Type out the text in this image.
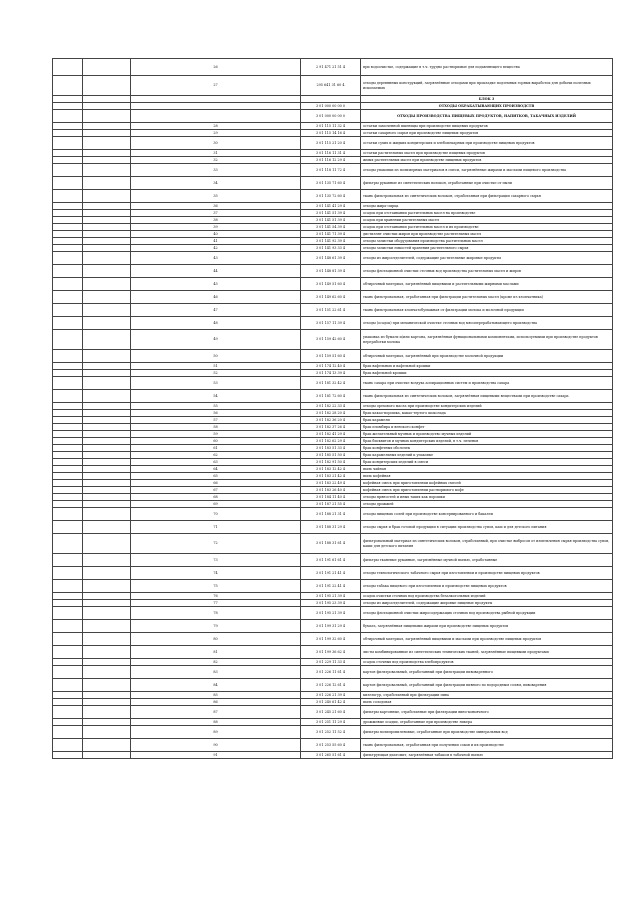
		26	2 91 471 21 51 4	при водоочистке, содержащие в т.ч. трудно растворимые для подавляющего вещества
		27	295 641 31 60 4	отходы деревянных конструкций, загрязнённые отходами при прокладке подземных горных выработок для добычи полезных ископаемых
				БЛОК 3
			3 01 000 00 00 0	ОТХОДЫ ОБРАБАТЫВАЮЩИХ ПРОИЗВОДСТВ
			3 01 000 00 00 0	ОТХОДЫ ПРОИЗВОДСТВА ПИЩЕВЫХ ПРОДУКТОВ, НАПИТКОВ, ТАБАЧНЫХ ИЗДЕЛИЙ
		28	3 01 115 11 32 4	остатки замоченной пшеницы при производстве пищевых продуктов
		29	3 01 115 14 16 4	остатки сахарного сырья при производстве пищевых продуктов
		30	3 01 115 21 20 4	остатки сухих и жидких кондитерских и хлебопекарных при производстве пищевых продуктов
		31	3 01 116 11 31 4	остатки растительных масел при производстве пищевых продуктов
		32	3 01 116 12 29 4	жмых растительных масел при производстве пищевых продуктов
		33	3 01 118 11 72 4	отходы упаковки из полимерных материалов в смеси, загрязнённые жирами и маслами пищевого производства
		34	3 01 135 71 60 4	фильтры рукавные из синтетических волокон, отработанные при очистке от пыли
		35	3 01 135 72 60 4	ткань фильтровальная из синтетических волокон, отработанная при фильтрации сахарного сырья
		36	3 01 141 41 29 4	отходы жира-сырца
		37	3 01 141 51 39 4	осадок при отстаивании растительных масел на производстве
		38	3 01 141 51 39 4	осадок при хранении растительных масел
		39	3 01 141 54 39 4	осадок при отстаивании растительных масел и их производстве
		40	3 01 141 71 39 4	дистиллят очистки жиров при производстве растительных масел
		41	3 01 141 92 39 4	отходы зачистки оборудования производства растительных масел
		42	3 01 141 93 33 4	отходы зачистки емкостей хранения растительного сырья
		43	3 01 148 61 39 4	отходы из жироотделителей, содержащие растительные жировые продукты
		44	3 01 148 81 39 4	отходы флотационной очистки сточных вод производства растительных масел и жиров
		45	3 01 149 51 60 4	обтирочный материал, загрязнённый пищевыми и растительными жирными маслами
		46	3 01 149 62 60 4	ткань фильтровальная, отработанная при фильтрации растительных масел (кроме из хлопчатника)
		47	3 01 151 22 61 4	ткань фильтровальная хлопчатобумажная от фильтрации молока и молочной продукции
		48	3 01 157 11 39 4	отходы (осадок) при механической очистке сточных вод мясоперерабатывающего производства
		49	3 01 159 42 60 4	упаковка из бумаги и/или картона, загрязнённая функциональными компонентами, используемыми при производстве продуктов переработки молока
		50	3 01 159 51 60 4	обтирочный материал, загрязнённый при производстве молочной продукции
		51	3 01 174 12 40 4	брак вафельных и вафельной крошки
		52	3 01 174 13 39 4	брак вафельной крошки
		53	3 01 181 32 42 4	ткань сахара при очистке воздуха аспирационных систем и производства сахара
		54	3 01 181 72 60 4	ткань фильтровальная из синтетических волокон, загрязнённая пищевыми веществами при производстве сахара
		55	3 01 182 22 33 4	отходы орехового масла при производстве кондитерских изделий
		56	3 01 182 28 20 4	брак какао-порошка, какао-тертого шоколада
		57	3 01 182 36 20 4	брак карамели
		58	3 01 182 37 26 4	брак пломбира и венского конфет
		59	3 01 182 41 29 4	брак желательный мучных и производство мучных изделий
		60	3 01 182 62 29 4	брак бисквитов и мучных кондитерских изделий, в т.ч. печенья
		61	3 01 183 51 33 4	брак конфетных оболочек
		62	3 01 185 51 50 4	брак карамельных изделий к упаковке
		63	3 01 182 91 50 4	брак кондитерских изделий в смеси
		64	3 01 183 12 42 4	пыль чайная
		65	3 01 183 21 42 4	пыль кофейная
		66	3 01 183 22 49 4	кофейная смесь при приготовлении кофейных смесей
		67	3 01 183 26 40 4	кофейная смесь при приготовлении растворимого кофе
		68	3 01 184 11 40 4	отходы пряностей и иных таких как порошки
		69	3 01 187 21 55 4	отходы дрожжей
		70	3 01 188 21 31 4	отходы пищевых солей при производстве консервированного и бакалеи
		71	3 01 188 31 29 4	отходы сырья и брак готовой продукции в ситуации производства супов, каш и для детского питания
		72	3 01 188 31 61 4	фильтровальный материал из синтетических волокон, отработанный, при очистке выбросов от измельчения сырья производства супов, каши для детского питания
		73	3 01 191 61 61 4	фильтры тканевые рукавные, загрязнённые мучной пылью, отработанные
		74	3 01 191 21 41 4	отходы технологического табачного сырья при изготовлении и производстве пищевых продуктов
		75	3 01 191 22 41 4	отходы табака пищевого при изготовлении и производстве пищевых продуктов
		76	3 01 195 21 39 4	осадок очистки сточных вод производства безалкогольных изделий
		77	3 01 195 23 39 4	отходы из жироотделителей, содержащие жировые пищевые продукты
		78	3 01 195 21 39 4	отходы флотационной очистки жиросодержащих сточных вод производства рыбной продукции
		79	3 01 199 31 29 4	бумага, загрязнённая пищевыми жирами при производстве пищевых продуктов
		80	3 01 199 32 60 4	обтирочный материал, загрязнённый пищевыми и маслами при производстве пищевых продуктов
		81	3 01 199 36 62 4	листы комбинированные из синтетических технических тканей, загрязнённые пищевыми продуктами
		82	3 01 229 11 33 4	осадок сточных вод производства хлебопродуктов
		83	3 01 226 11 61 4	картон фильтровальный, отработанный при фильтрации пивоваренного
		84	3 01 226 12 61 4	картон фильтровальный, отработанный при фильтрации пивного по водородным солям, пивоварения
		85	3 01 226 21 39 4	кизельгур, отработанный при фильтрации пива
		86	3 01 240 61 42 4	пыль солодовая
		87	3 01 245 21 60 4	фильтры картонные, отработанные при фильтрации вино-коньячного
		88	3 01 251 11 29 4	дрожжевые осадки, отработанные при производстве ликера
		89	3 01 252 11 52 4	фильтры полипропиленовые, отработанные при производстве минеральных вод
		90	3 01 253 55 60 4	ткань фильтровальная, отработанная при получении соков и их производстве
		91	3 01 265 51 61 4	фильтрующая диатомит, загрязнённая табаком в табачной пылью
